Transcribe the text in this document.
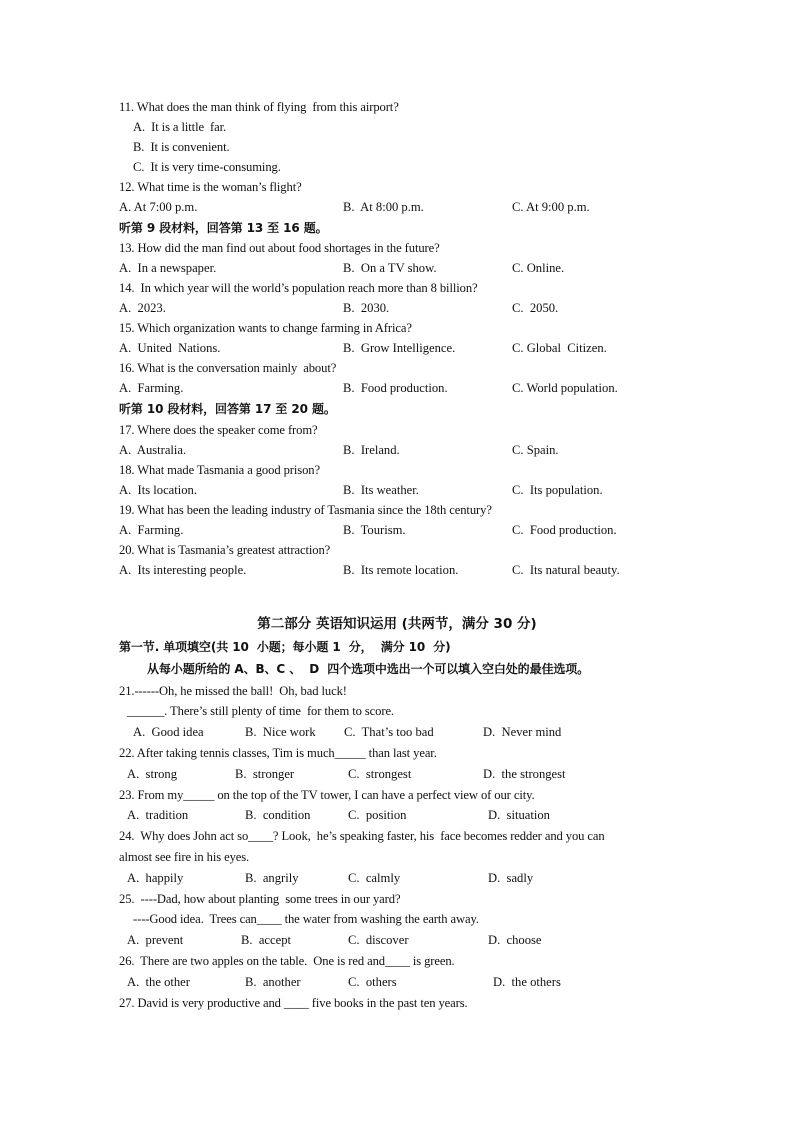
11. What does the man think of flying  from this airport?
A.  It is a little  far.
B.  It is convenient.
C.  It is very time-consuming.
12. What time is the woman’s flight?
A. At 7:00 p.m.	B.  At 8:00 p.m.	C. At 9:00 p.m.
听第 9 段材料，回答第 13 至 16 题。
13. How did the man find out about food shortages in the future?
A.  In a newspaper.	B.  On a TV show.	C. Online.
14.  In which year will the world’s population reach more than 8 billion?
A.  2023.	B.  2030.	C.  2050.
15. Which organization wants to change farming in Africa?
A.  United  Nations.	B.  Grow Intelligence.	C. Global  Citizen.
16. What is the conversation mainly  about?
A.  Farming.	B.  Food production.	C. World population.
听第 10 段材料，回答第 17 至 20 题。
17. Where does the speaker come from?
A.  Australia.	B.  Ireland.	C. Spain.
18. What made Tasmania a good prison?
A.  Its location.	B.  Its weather.	C.  Its population.
19. What has been the leading industry of Tasmania since the 18th century?
A.  Farming.	B.  Tourism.	C.  Food production.
20. What is Tasmania’s greatest attraction?
A.  Its interesting people.	B.  Its remote location.	C.  Its natural beauty.
第二部分 英语知识运用 (共两节，满分 30 分)
第一节. 单项填空(共 10  小题；每小题 1  分，  满分 10  分)
从每小题所给的 A、B、C 、  D  四个选项中选出一个可以填入空白处的最佳选项。
21.------Oh, he missed the ball!  Oh, bad luck!
______. There’s still plenty of time  for them to score.
A.  Good idea	B.  Nice work C.  That’s too bad	D.  Never mind
22. After taking tennis classes, Tim is much_____ than last year.
A.  strong	B.  stronger	C.  strongest	D.  the strongest
23. From my_____ on the top of the TV tower, I can have a perfect view of our city.
A.  tradition	B.  condition	C.  position	D.  situation
24.  Why does John act so____? Look,  he’s speaking faster, his  face becomes redder and you can
almost see fire in his eyes.
A.  happily	B.  angrily	C.  calmly	D.  sadly
25.  ----Dad, how about planting  some trees in our yard?
----Good idea.  Trees can____ the water from washing the earth away.
A.  prevent	B.  accept	C.  discover	D.  choose
26.  There are two apples on the table.  One is red and____ is green.
A.  the other	B.  another	C.  others	D.  the others
27. David is very productive and ____ five books in the past ten years.
